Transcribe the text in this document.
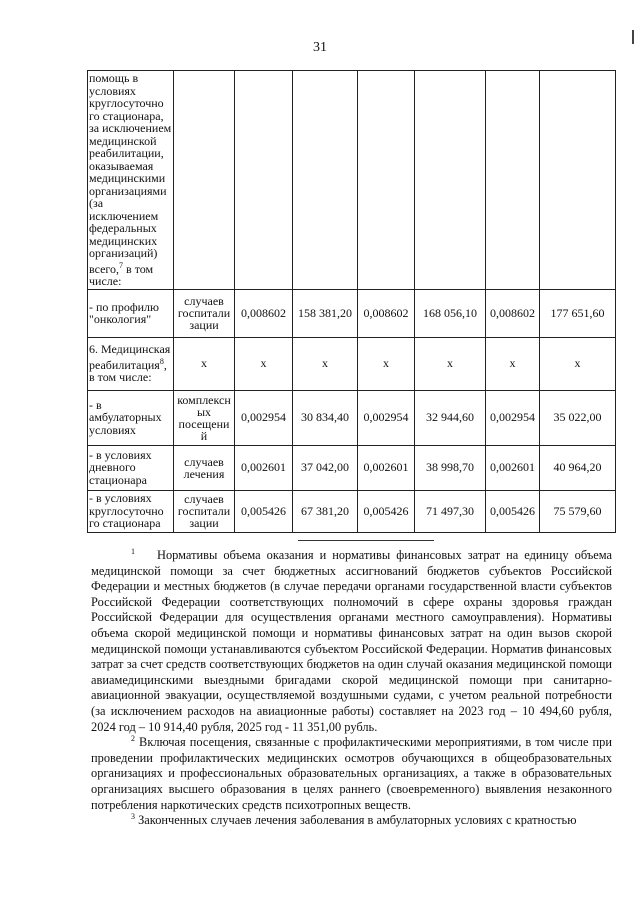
31
помощь в условиях круглосуточно го стационара, за исключением медицинской реабилитации, оказываемая медицинскими организациями (за исключением федеральных медицинских организаций) всего,$^7$ в том числе:							
- по профилю "онкология"	случаев госпитали зации	0,008602	158 381,20	0,008602	168 056,10	0,008602	177 651,60
6. Медицинская реабилитация$^8$, в том числе:	х	х	х	х	х	х	х
- в амбулаторных условиях	комплексн ых посещени й	0,002954	30 834,40	0,002954	32 944,60	0,002954	35 022,00
- в условиях дневного стационара	случаев лечения	0,002601	37 042,00	0,002601	38 998,70	0,002601	40 964,20
- в условиях круглосуточно го стационара	случаев госпитали зации	0,005426	67 381,20	0,005426	71 497,30	0,005426	75 579,60

$^1$ Нормативы объема оказания и нормативы финансовых затрат на единицу объема медицинской помощи за счет бюджетных ассигнований бюджетов субъектов Российской Федерации и местных бюджетов (в случае передачи органами государственной власти субъектов Российской Федерации соответствующих полномочий в сфере охраны здоровья граждан Российской Федерации для осуществления органами местного самоуправления). Нормативы объема скорой медицинской помощи и нормативы финансовых затрат на один вызов скорой медицинской помощи устанавливаются субъектом Российской Федерации. Норматив финансовых затрат за счет средств соответствующих бюджетов на один случай оказания медицинской помощи авиамедицинскими выездными бригадами скорой медицинской помощи при санитарно-авиационной эвакуации, осуществляемой воздушными судами, с учетом реальной потребности (за исключением расходов на авиационные работы) составляет на 2023 год – 10 494,60 рубля, 2024 год – 10 914,40 рубля, 2025 год - 11 351,00 рубль.

$^2$ Включая посещения, связанные с профилактическими мероприятиями, в том числе при проведении профилактических медицинских осмотров обучающихся в общеобразовательных организациях и профессиональных образовательных организациях, а также в образовательных организациях высшего образования в целях раннего (своевременного) выявления незаконного потребления наркотических средств психотропных веществ.

$^3$ Законченных случаев лечения заболевания в амбулаторных условиях с кратностью
